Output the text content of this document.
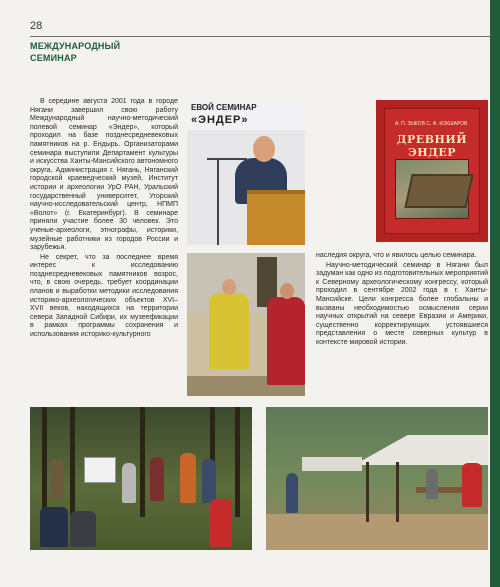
28
МЕЖДУНАРОДНЫЙ
СЕМИНАР

В середине августа 2001 года в городе Нягани завершил свою работу Международный научно-методический полевой семинар «Эндер», который проходил на базе позднесредневековых памятников на р. Ендырь. Организаторами семинара выступили Департамент культуры и искусства Ханты-Мансийского автономного округа, Администрация г. Нягань, Няганский городской краеведческий музей, Институт истории и археологии УрО РАН, Уральский государственный университет, Угорский научно-исследовательский центр, НПМП «Волот» (г. Екатеринбург). В семинаре приняли участие более 30 человек. Это ученые-археологи, этнографы, историки, музейные работники из городов России и зарубежья.

Не секрет, что за последнее время интерес к исследованию позднесредневековых памятников возрос, что, в свою очередь, требует координации планов и выработки методики исследования историко-археологических объектов XVI–XVII веков, находящихся на территории севера Западной Сибири, их музеефикации в рамках программы сохранения и использования историко-культурного

наследия округа, что и явилось целью семинара.

Научно-методический семинар в Нягани был задуман как одно из подготовительных мероприятий к Северному археологическому конгрессу, который проходил в сентябре 2002 года в г. Ханты-Мансийске. Цели конгресса более глобальны и вызваны необходимостью осмысления серии научных открытий на севере Евразии и Америки, существенно корректирующих устоявшиеся представления о месте северных культур в контексте мировой истории.

ЕВОЙ СЕМИНАР
«ЭНДЕР»	А. П. ЗЫКОВ С. Ф. КОКШАРОВ
ДРЕВНИЙ ЭНДЕР
